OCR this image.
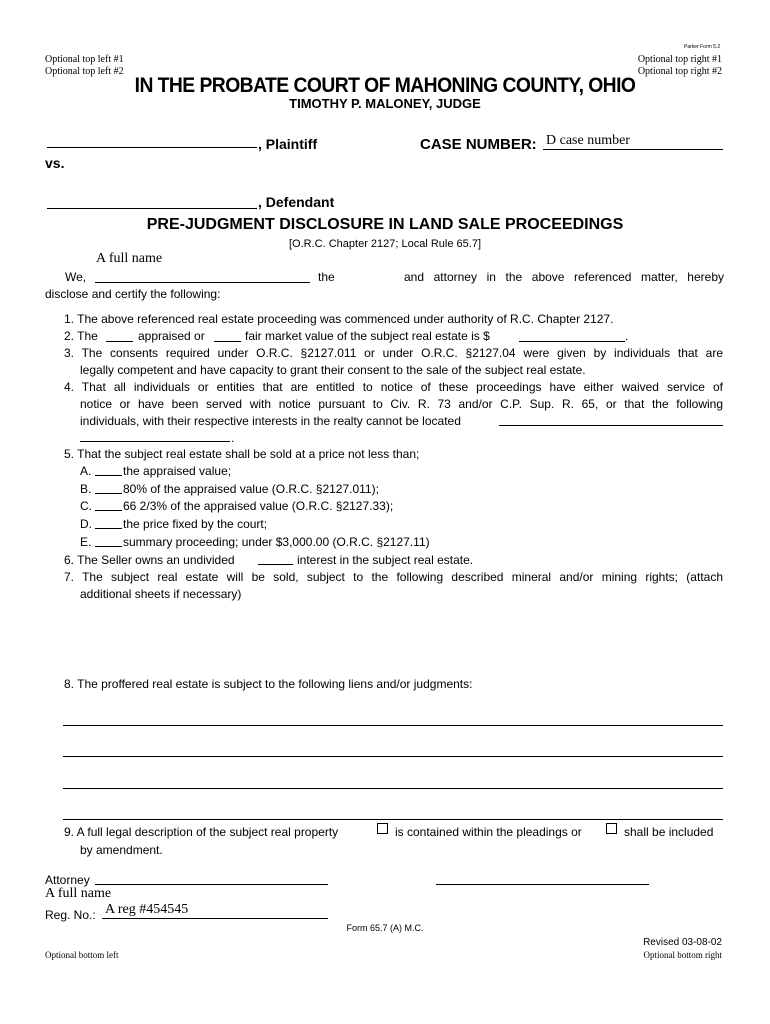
Parker Form 5.2
Optional top left #1
Optional top left #2
Optional top right #1
Optional top right #2
IN THE PROBATE COURT OF MAHONING COUNTY, OHIO
TIMOTHY P. MALONEY, JUDGE
, Plaintiff	CASE NUMBER: D case number
vs.
, Defendant
PRE-JUDGMENT DISCLOSURE IN LAND SALE PROCEEDINGS
[O.R.C. Chapter 2127; Local Rule 65.7]
A full name
We,	the	and attorney in the above referenced matter, hereby
disclose and certify the following:
1. The above referenced real estate proceeding was commenced under authority of R.C. Chapter 2127.
2. The	appraised or	fair market value of the subject real estate is $	.
3. The consents required under O.R.C. §2127.011 or under O.R.C. §2127.04 were given by individuals that are
legally competent and have capacity to grant their consent to the sale of the subject real estate.
4. That all individuals or entities that are entitled to notice of these proceedings have either waived service of
notice or have been served with notice pursuant to Civ. R. 73 and/or C.P. Sup. R. 65, or that the following
individuals, with their respective interests in the realty cannot be located
.
5. That the subject real estate shall be sold at a price not less than;
A.	the appraised value;
B.	80% of the appraised value (O.R.C. §2127.011);
C.	66 2/3% of the appraised value (O.R.C. §2127.33);
D.	the price fixed by the court;
E.	summary proceeding; under $3,000.00 (O.R.C. §2127.11)
6. The Seller owns an undivided	interest in the subject real estate.
7. The subject real estate will be sold, subject to the following described mineral and/or mining rights; (attach
additional sheets if necessary)
8. The proffered real estate is subject to the following liens and/or judgments:
9. A full legal description of the subject real property	is contained within the pleadings or	shall be included
by amendment.
Attorney
A full name
Reg. No.: A reg #454545
Form 65.7 (A) M.C.
Revised 03-08-02
Optional bottom left	Optional bottom right
